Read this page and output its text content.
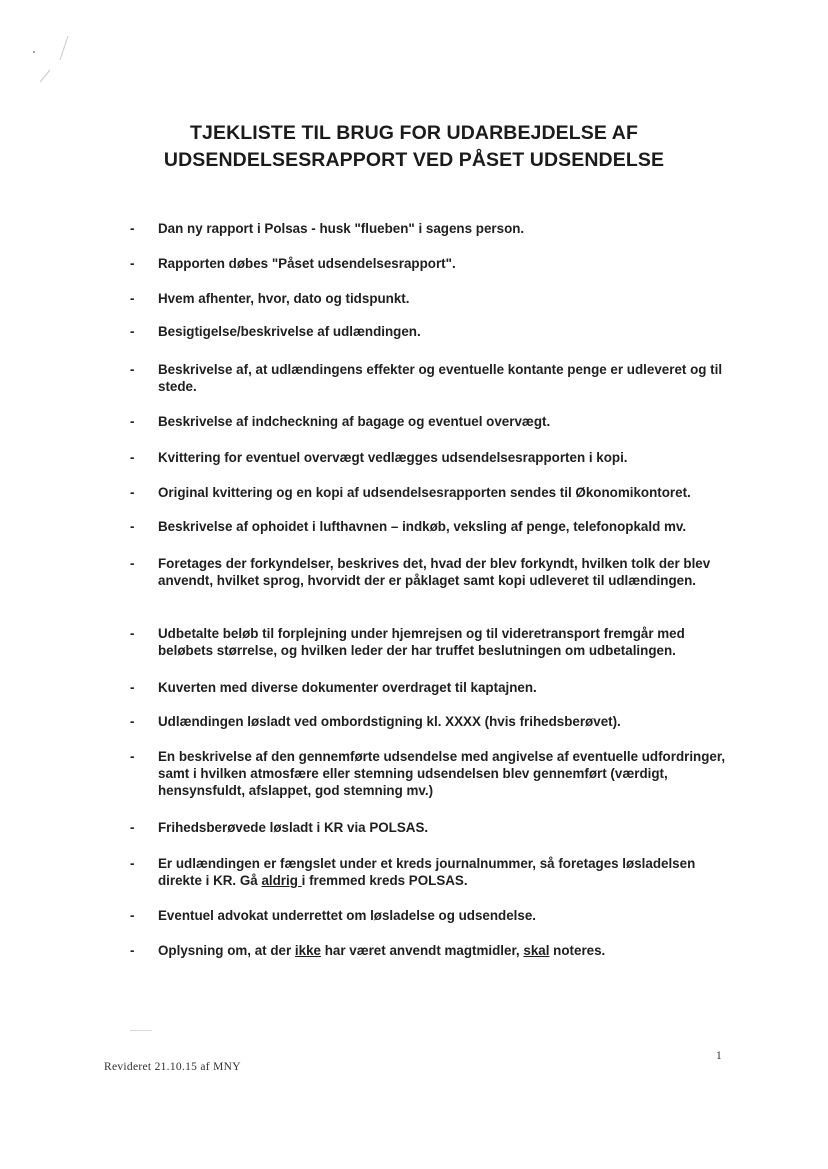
TJEKLISTE TIL BRUG FOR UDARBEJDELSE AF
UDSENDELSESRAPPORT VED PÅSET UDSENDELSE
-	Dan ny rapport i Polsas - husk "flueben" i sagens person.
-	Rapporten døbes "Påset udsendelsesrapport".
-	Hvem afhenter, hvor, dato og tidspunkt.
-	Besigtigelse/beskrivelse af udlændingen.
-	Beskrivelse af, at udlændingens effekter og eventuelle kontante penge er udleveret og til stede.
-	Beskrivelse af indcheckning af bagage og eventuel overvægt.
-	Kvittering for eventuel overvægt vedlægges udsendelsesrapporten i kopi.
-	Original kvittering og en kopi af udsendelsesrapporten sendes til Økonomikontoret.
-	Beskrivelse af ophoidet i lufthavnen – indkøb, veksling af penge, telefonopkald mv.
-	Foretages der forkyndelser, beskrives det, hvad der blev forkyndt, hvilken tolk der blev anvendt, hvilket sprog, hvorvidt der er påklaget samt kopi udleveret til udlændingen.
-	Udbetalte beløb til forplejning under hjemrejsen og til videretransport fremgår med beløbets størrelse, og hvilken leder der har truffet beslutningen om udbetalingen.
-	Kuverten med diverse dokumenter overdraget til kaptajnen.
-	Udlændingen løsladt ved ombordstigning kl. XXXX (hvis frihedsberøvet).
-	En beskrivelse af den gennemførte udsendelse med angivelse af eventuelle udfordringer, samt i hvilken atmosfære eller stemning udsendelsen blev gennemført (værdigt, hensynsfuldt, afslappet, god stemning mv.)
-	Frihedsberøvede løsladt i KR via POLSAS.
-	Er udlændingen er fængslet under et kreds journalnummer, så foretages løsladelsen direkte i KR. Gå aldrig i fremmed kreds POLSAS.
-	Eventuel advokat underrettet om løsladelse og udsendelse.
-	Oplysning om, at der ikke har været anvendt magtmidler, skal noteres.
Revideret 21.10.15 af MNY
1
